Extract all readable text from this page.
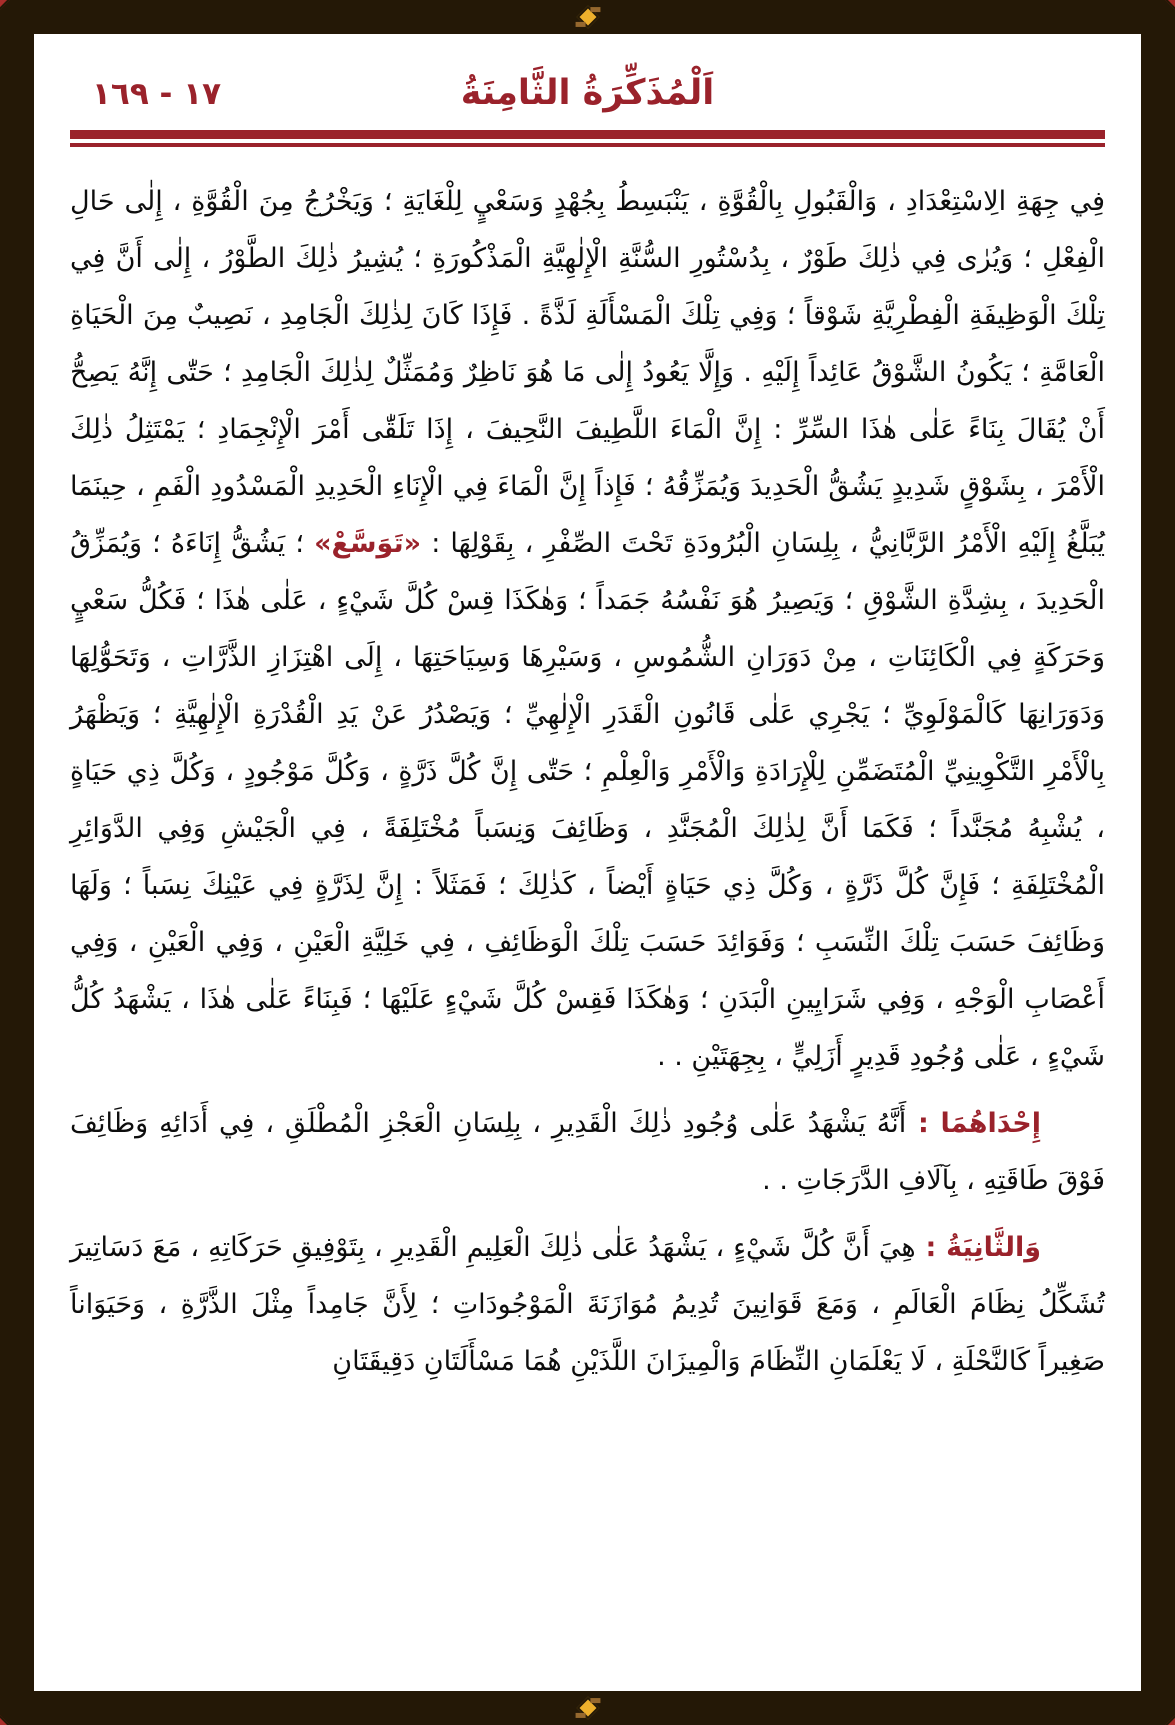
١٧ - ١٦٩	اَلْمُذَكِّرَةُ الثَّامِنَةُ

فِي جِهَةِ الِاسْتِعْدَادِ ، وَالْقَبُولِ بِالْقُوَّةِ ، يَنْبَسِطُ بِجُهْدٍ وَسَعْيٍ لِلْغَايَةِ ؛ وَيَخْرُجُ مِنَ الْقُوَّةِ ، إِلٰى حَالِ الْفِعْلِ ؛ وَيُرٰى فِي ذٰلِكَ طَوْرٌ ، بِدُسْتُورِ السُّنَّةِ الْإِلٰهِيَّةِ الْمَذْكُورَةِ ؛ يُشِيرُ ذٰلِكَ الطَّوْرُ ، إِلٰى أَنَّ فِي تِلْكَ الْوَظِيفَةِ الْفِطْرِيَّةِ شَوْقاً ؛ وَفِي تِلْكَ الْمَسْأَلَةِ لَذَّةً . فَإِذَا كَانَ لِذٰلِكَ الْجَامِدِ ، نَصِيبٌ مِنَ الْحَيَاةِ الْعَامَّةِ ؛ يَكُونُ الشَّوْقُ عَائِداً إِلَيْهِ . وَإِلَّا يَعُودُ إِلٰى مَا هُوَ نَاظِرٌ وَمُمَثِّلٌ لِذٰلِكَ الْجَامِدِ ؛ حَتّٰى إِنَّهُ يَصِحُّ أَنْ يُقَالَ بِنَاءً عَلٰى هٰذَا السِّرِّ : إِنَّ الْمَاءَ اللَّطِيفَ النَّحِيفَ ، إِذَا تَلَقّٰى أَمْرَ الْإِنْجِمَادِ ؛ يَمْتَثِلُ ذٰلِكَ الْأَمْرَ ، بِشَوْقٍ شَدِيدٍ يَشُقُّ الْحَدِيدَ وَيُمَزِّقُهُ ؛ فَإِذاً إِنَّ الْمَاءَ فِي الْإِنَاءِ الْحَدِيدِ الْمَسْدُودِ الْفَمِ ، حِينَمَا يُبَلَّغُ إِلَيْهِ الْأَمْرُ الرَّبَّانِيُّ ، بِلِسَانِ الْبُرُودَةِ تَحْتَ الصِّفْرِ ، بِقَوْلِهَا : «تَوَسَّعْ» ؛ يَشُقُّ إِنَاءَهُ ؛ وَيُمَزِّقُ الْحَدِيدَ ، بِشِدَّةِ الشَّوْقِ ؛ وَيَصِيرُ هُوَ نَفْسُهُ جَمَداً ؛ وَهٰكَذَا قِسْ كُلَّ شَيْءٍ ، عَلٰى هٰذَا ؛ فَكُلُّ سَعْيٍ وَحَرَكَةٍ فِي الْكَائِنَاتِ ، مِنْ دَوَرَانِ الشُّمُوسِ ، وَسَيْرِهَا وَسِيَاحَتِهَا ، إِلَى اهْتِزَازِ الذَّرَّاتِ ، وَتَحَوُّلِهَا وَدَوَرَانِهَا كَالْمَوْلَوِيِّ ؛ يَجْرِي عَلٰى قَانُونِ الْقَدَرِ الْإِلٰهِيِّ ؛ وَيَصْدُرُ عَنْ يَدِ الْقُدْرَةِ الْإِلٰهِيَّةِ ؛ وَيَظْهَرُ بِالْأَمْرِ التَّكْوِينِيِّ الْمُتَضَمِّنِ لِلْإِرَادَةِ وَالْأَمْرِ وَالْعِلْمِ ؛ حَتّٰى إِنَّ كُلَّ ذَرَّةٍ ، وَكُلَّ مَوْجُودٍ ، وَكُلَّ ذِي حَيَاةٍ ، يُشْبِهُ مُجَنَّداً ؛ فَكَمَا أَنَّ لِذٰلِكَ الْمُجَنَّدِ ، وَظَائِفَ وَنِسَباً مُخْتَلِفَةً ، فِي الْجَيْشِ وَفِي الدَّوَائِرِ الْمُخْتَلِفَةِ ؛ فَإِنَّ كُلَّ ذَرَّةٍ ، وَكُلَّ ذِي حَيَاةٍ أَيْضاً ، كَذٰلِكَ ؛ فَمَثَلاً : إِنَّ لِذَرَّةٍ فِي عَيْنِكَ نِسَباً ؛ وَلَهَا وَظَائِفَ حَسَبَ تِلْكَ النِّسَبِ ؛ وَفَوَائِدَ حَسَبَ تِلْكَ الْوَظَائِفِ ، فِي خَلِيَّةِ الْعَيْنِ ، وَفِي الْعَيْنِ ، وَفِي أَعْصَابِ الْوَجْهِ ، وَفِي شَرَايِينِ الْبَدَنِ ؛ وَهٰكَذَا فَقِسْ كُلَّ شَيْءٍ عَلَيْهَا ؛ فَبِنَاءً عَلٰى هٰذَا ، يَشْهَدُ كُلُّ شَيْءٍ ، عَلٰى وُجُودِ قَدِيرٍ أَزَلِيٍّ ، بِجِهَتَيْنِ . .

إِحْدَاهُمَا : أَنَّهُ يَشْهَدُ عَلٰى وُجُودِ ذٰلِكَ الْقَدِيرِ ، بِلِسَانِ الْعَجْزِ الْمُطْلَقِ ، فِي أَدَائِهِ وَظَائِفَ فَوْقَ طَاقَتِهِ ، بِآلَافِ الدَّرَجَاتِ . .

وَالثَّانِيَةُ : هِيَ أَنَّ كُلَّ شَيْءٍ ، يَشْهَدُ عَلٰى ذٰلِكَ الْعَلِيمِ الْقَدِيرِ ، بِتَوْفِيقِ حَرَكَاتِهِ ، مَعَ دَسَاتِيرَ تُشَكِّلُ نِظَامَ الْعَالَمِ ، وَمَعَ قَوَانِينَ تُدِيمُ مُوَازَنَةَ الْمَوْجُودَاتِ ؛ لِأَنَّ جَامِداً مِثْلَ الذَّرَّةِ ، وَحَيَوَاناً صَغِيراً كَالنَّحْلَةِ ، لَا يَعْلَمَانِ النِّظَامَ وَالْمِيزَانَ اللَّذَيْنِ هُمَا مَسْأَلَتَانِ دَقِيقَتَانِ
